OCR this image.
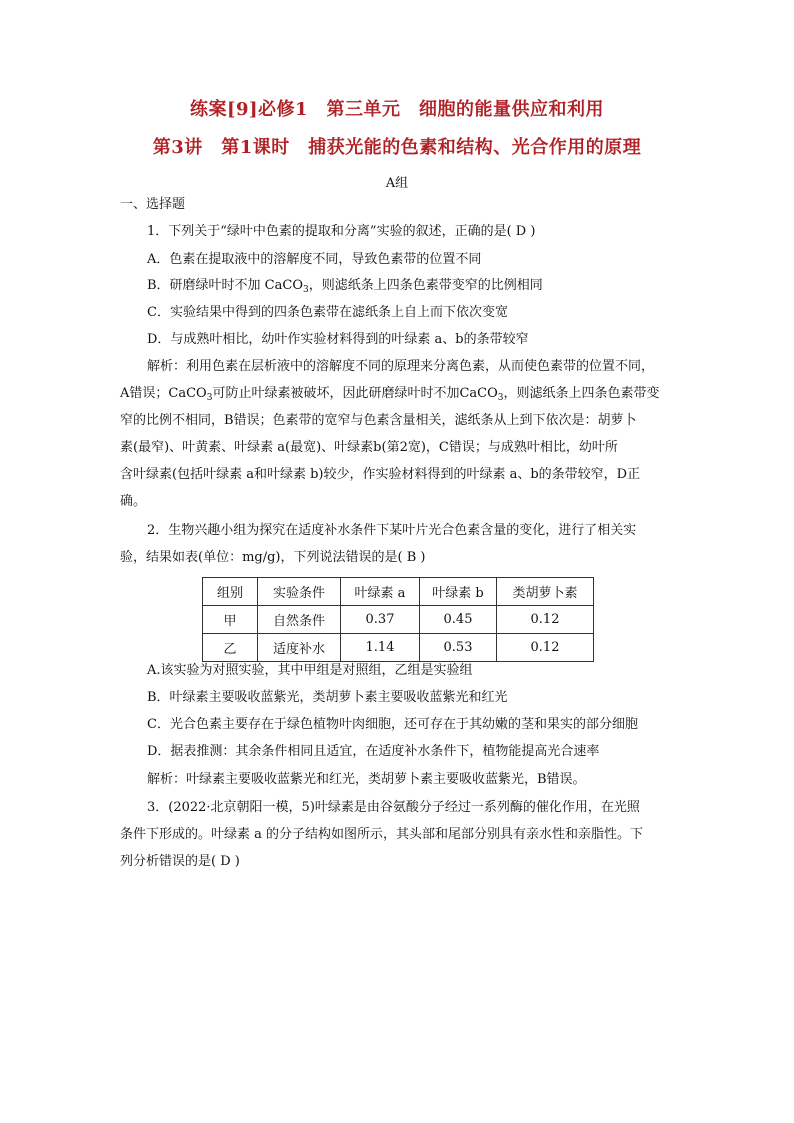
练案[9]必修1　第三单元　细胞的能量供应和利用
第3讲　第1课时　捕获光能的色素和结构、光合作用的原理
A组
一、选择题
1．下列关于“绿叶中色素的提取和分离”实验的叙述，正确的是( D )
A．色素在提取液中的溶解度不同，导致色素带的位置不同
B．研磨绿叶时不加 CaCO$_3$，则滤纸条上四条色素带变窄的比例相同
C．实验结果中得到的四条色素带在滤纸条上自上而下依次变宽
D．与成熟叶相比，幼叶作实验材料得到的叶绿素 a、b的条带较窄
解析：利用色素在层析液中的溶解度不同的原理来分离色素，从而使色素带的位置不同，
A错误；CaCO$_3$可防止叶绿素被破坏，因此研磨绿叶时不加CaCO$_3$，则滤纸条上四条色素带变
窄的比例不相同，B错误；色素带的宽窄与色素含量相关，滤纸条从上到下依次是：胡萝卜
素(最窄)、叶黄素、叶绿素 a(最宽)、叶绿素b(第2宽)，C错误；与成熟叶相比，幼叶所
含叶绿素(包括叶绿素 a和叶绿素 b)较少，作实验材料得到的叶绿素 a、b的条带较窄，D正
确。
2．生物兴趣小组为探究在适度补水条件下某叶片光合色素含量的变化，进行了相关实
验，结果如表(单位：mg/g)，下列说法错误的是( B )
组别	实验条件	叶绿素 a	叶绿素 b	类胡萝卜素
甲	自然条件	0.37	0.45	0.12
乙	适度补水	1.14	0.53	0.12
A.该实验为对照实验，其中甲组是对照组，乙组是实验组
B．叶绿素主要吸收蓝紫光，类胡萝卜素主要吸收蓝紫光和红光
C．光合色素主要存在于绿色植物叶肉细胞，还可存在于其幼嫩的茎和果实的部分细胞
D．据表推测：其余条件相同且适宜，在适度补水条件下，植物能提高光合速率
解析：叶绿素主要吸收蓝紫光和红光，类胡萝卜素主要吸收蓝紫光，B错误。
3．(2022·北京朝阳一模，5)叶绿素是由谷氨酸分子经过一系列酶的催化作用，在光照
条件下形成的。叶绿素 a 的分子结构如图所示，其头部和尾部分别具有亲水性和亲脂性。下
列分析错误的是( D )
